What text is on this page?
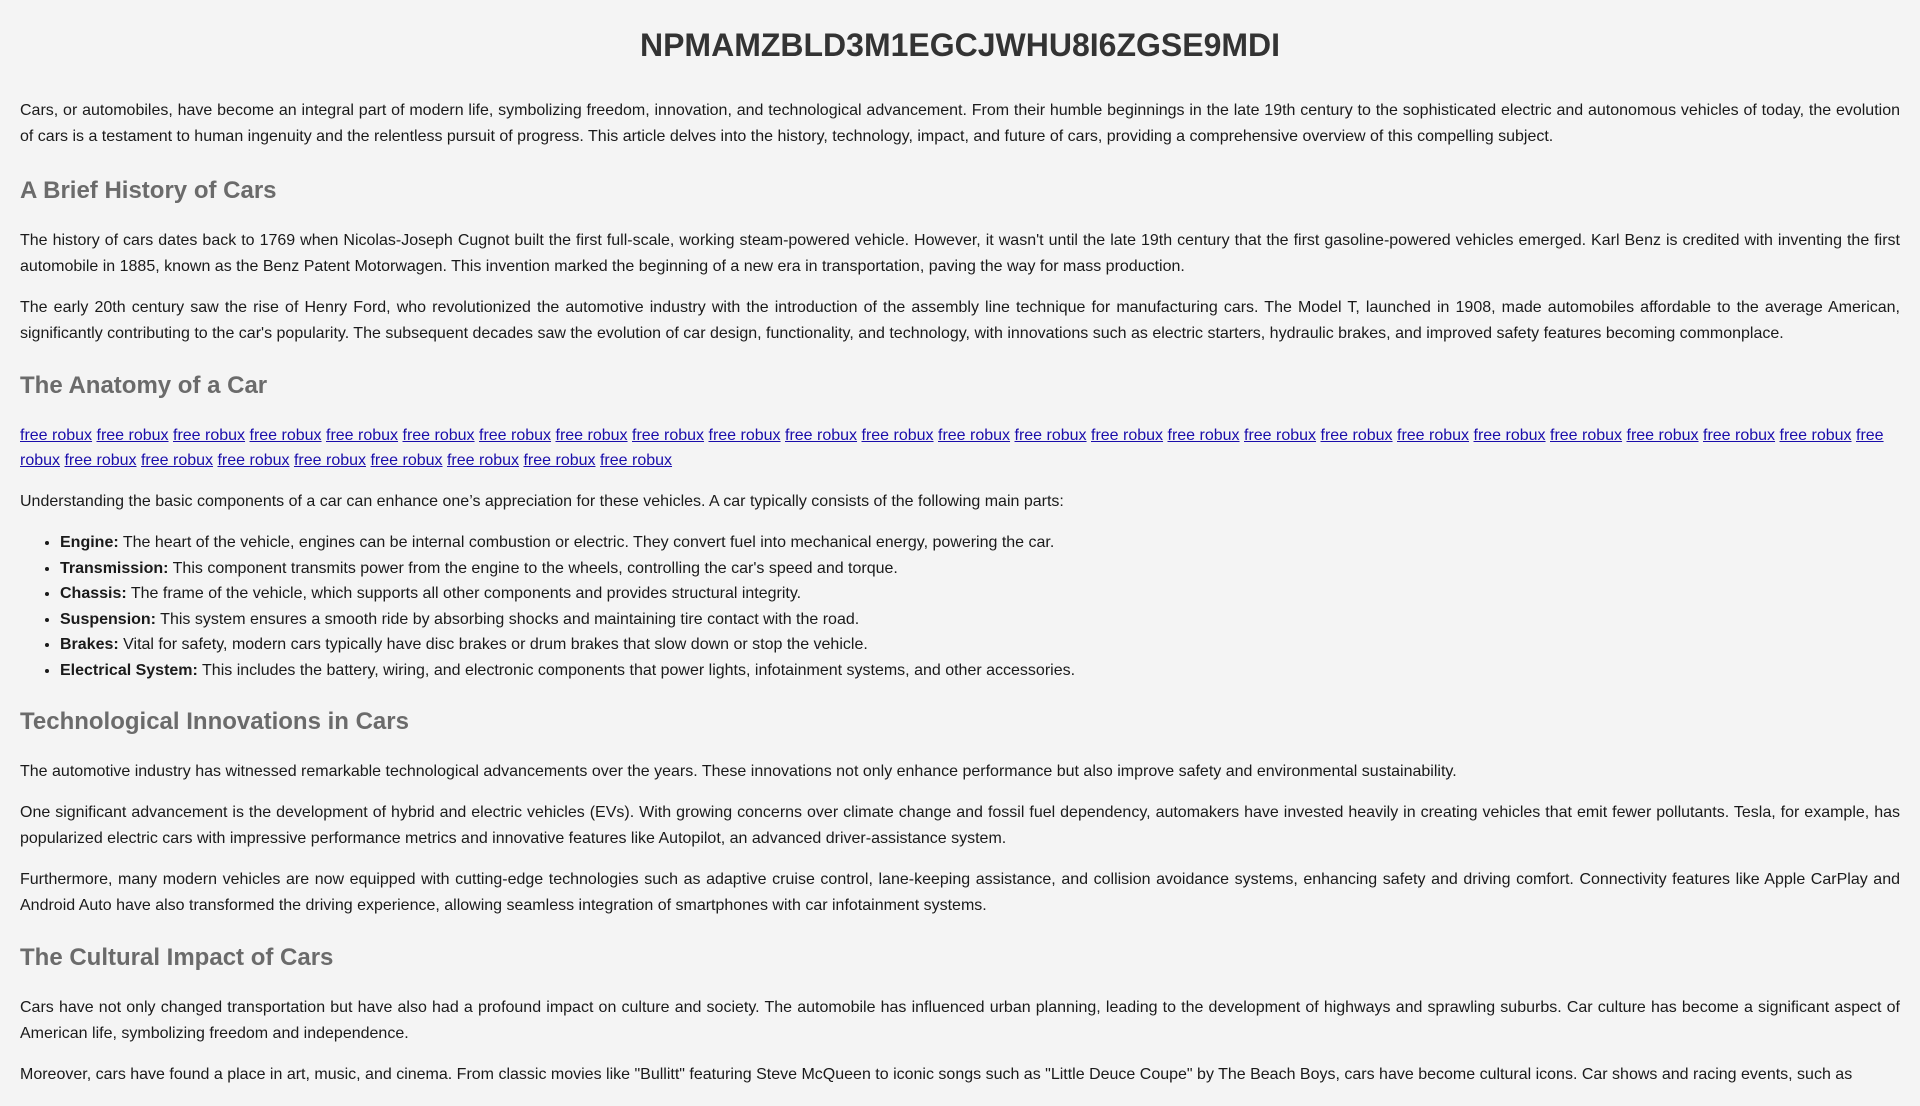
NPMAMZBLD3M1EGCJWHU8I6ZGSE9MDI

Cars, or automobiles, have become an integral part of modern life, symbolizing freedom, innovation, and technological advancement. From their humble beginnings in the late 19th century to the sophisticated electric and autonomous vehicles of today, the evolution of cars is a testament to human ingenuity and the relentless pursuit of progress. This article delves into the history, technology, impact, and future of cars, providing a comprehensive overview of this compelling subject.

A Brief History of Cars

The history of cars dates back to 1769 when Nicolas-Joseph Cugnot built the first full-scale, working steam-powered vehicle. However, it wasn't until the late 19th century that the first gasoline-powered vehicles emerged. Karl Benz is credited with inventing the first automobile in 1885, known as the Benz Patent Motorwagen. This invention marked the beginning of a new era in transportation, paving the way for mass production.

The early 20th century saw the rise of Henry Ford, who revolutionized the automotive industry with the introduction of the assembly line technique for manufacturing cars. The Model T, launched in 1908, made automobiles affordable to the average American, significantly contributing to the car's popularity. The subsequent decades saw the evolution of car design, functionality, and technology, with innovations such as electric starters, hydraulic brakes, and improved safety features becoming commonplace.

The Anatomy of a Car
free robux free robux free robux free robux free robux free robux free robux free robux free robux free robux free robux free robux free robux free robux free robux free robux free robux free robux free robux free robux free robux free robux free robux free robux free robux free robux free robux free robux free robux free robux free robux free robux free robux

Understanding the basic components of a car can enhance one’s appreciation for these vehicles. A car typically consists of the following main parts:

• Engine: The heart of the vehicle, engines can be internal combustion or electric. They convert fuel into mechanical energy, powering the car.
• Transmission: This component transmits power from the engine to the wheels, controlling the car's speed and torque.
• Chassis: The frame of the vehicle, which supports all other components and provides structural integrity.
• Suspension: This system ensures a smooth ride by absorbing shocks and maintaining tire contact with the road.
• Brakes: Vital for safety, modern cars typically have disc brakes or drum brakes that slow down or stop the vehicle.
• Electrical System: This includes the battery, wiring, and electronic components that power lights, infotainment systems, and other accessories.
Technological Innovations in Cars

The automotive industry has witnessed remarkable technological advancements over the years. These innovations not only enhance performance but also improve safety and environmental sustainability.

One significant advancement is the development of hybrid and electric vehicles (EVs). With growing concerns over climate change and fossil fuel dependency, automakers have invested heavily in creating vehicles that emit fewer pollutants. Tesla, for example, has popularized electric cars with impressive performance metrics and innovative features like Autopilot, an advanced driver-assistance system.

Furthermore, many modern vehicles are now equipped with cutting-edge technologies such as adaptive cruise control, lane-keeping assistance, and collision avoidance systems, enhancing safety and driving comfort. Connectivity features like Apple CarPlay and Android Auto have also transformed the driving experience, allowing seamless integration of smartphones with car infotainment systems.

The Cultural Impact of Cars

Cars have not only changed transportation but have also had a profound impact on culture and society. The automobile has influenced urban planning, leading to the development of highways and sprawling suburbs. Car culture has become a significant aspect of American life, symbolizing freedom and independence.

Moreover, cars have found a place in art, music, and cinema. From classic movies like "Bullitt" featuring Steve McQueen to iconic songs such as "Little Deuce Coupe" by The Beach Boys, cars have become cultural icons. Car shows and racing events, such as
